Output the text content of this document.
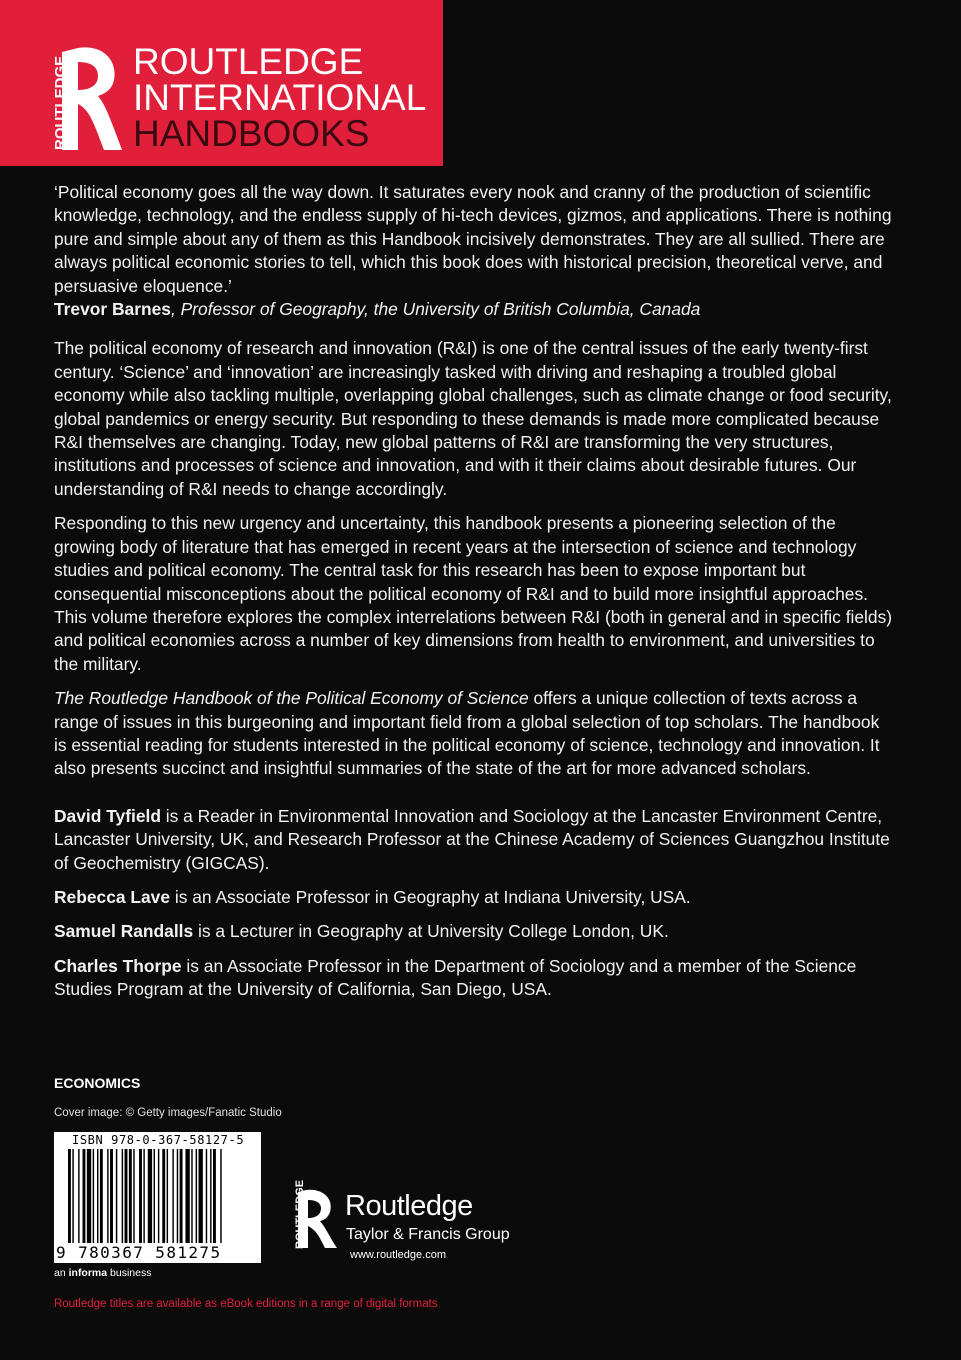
ROUTLEDGE ROUTLEDGE
INTERNATIONAL
HANDBOOKS

‘Political economy goes all the way down. It saturates every nook and cranny of the production of scientific knowledge, technology, and the endless supply of hi-tech devices, gizmos, and applications. There is nothing pure and simple about any of them as this Handbook incisively demonstrates. They are all sullied. There are always political economic stories to tell, which this book does with historical precision, theoretical verve, and persuasive eloquence.’
Trevor Barnes, Professor of Geography, the University of British Columbia, Canada

The political economy of research and innovation (R&I) is one of the central issues of the early twenty-first century. ‘Science’ and ‘innovation’ are increasingly tasked with driving and reshaping a troubled global economy while also tackling multiple, overlapping global challenges, such as climate change or food security, global pandemics or energy security. But responding to these demands is made more complicated because R&I themselves are changing. Today, new global patterns of R&I are transforming the very structures, institutions and processes of science and innovation, and with it their claims about desirable futures. Our understanding of R&I needs to change accordingly.

Responding to this new urgency and uncertainty, this handbook presents a pioneering selection of the growing body of literature that has emerged in recent years at the intersection of science and technology studies and political economy. The central task for this research has been to expose important but consequential misconceptions about the political economy of R&I and to build more insightful approaches. This volume therefore explores the complex interrelations between R&I (both in general and in specific fields) and political economies across a number of key dimensions from health to environment, and universities to the military.

The Routledge Handbook of the Political Economy of Science offers a unique collection of texts across a range of issues in this burgeoning and important field from a global selection of top scholars. The handbook is essential reading for students interested in the political economy of science, technology and innovation. It also presents succinct and insightful summaries of the state of the art for more advanced scholars.

David Tyfield is a Reader in Environmental Innovation and Sociology at the Lancaster Environment Centre, Lancaster University, UK, and Research Professor at the Chinese Academy of Sciences Guangzhou Institute of Geochemistry (GIGCAS).

Rebecca Lave is an Associate Professor in Geography at Indiana University, USA.

Samuel Randalls is a Lecturer in Geography at University College London, UK.

Charles Thorpe is an Associate Professor in the Department of Sociology and a member of the Science Studies Program at the University of California, San Diego, USA.

ECONOMICS
Cover image: © Getty images/Fanatic Studio
ISBN 978-0-367-58127-5
9 780367 581275
an informa business
ROUTLEDGE Routledge
Taylor & Francis Group
www.routledge.com
Routledge titles are available as eBook editions in a range of digital formats
